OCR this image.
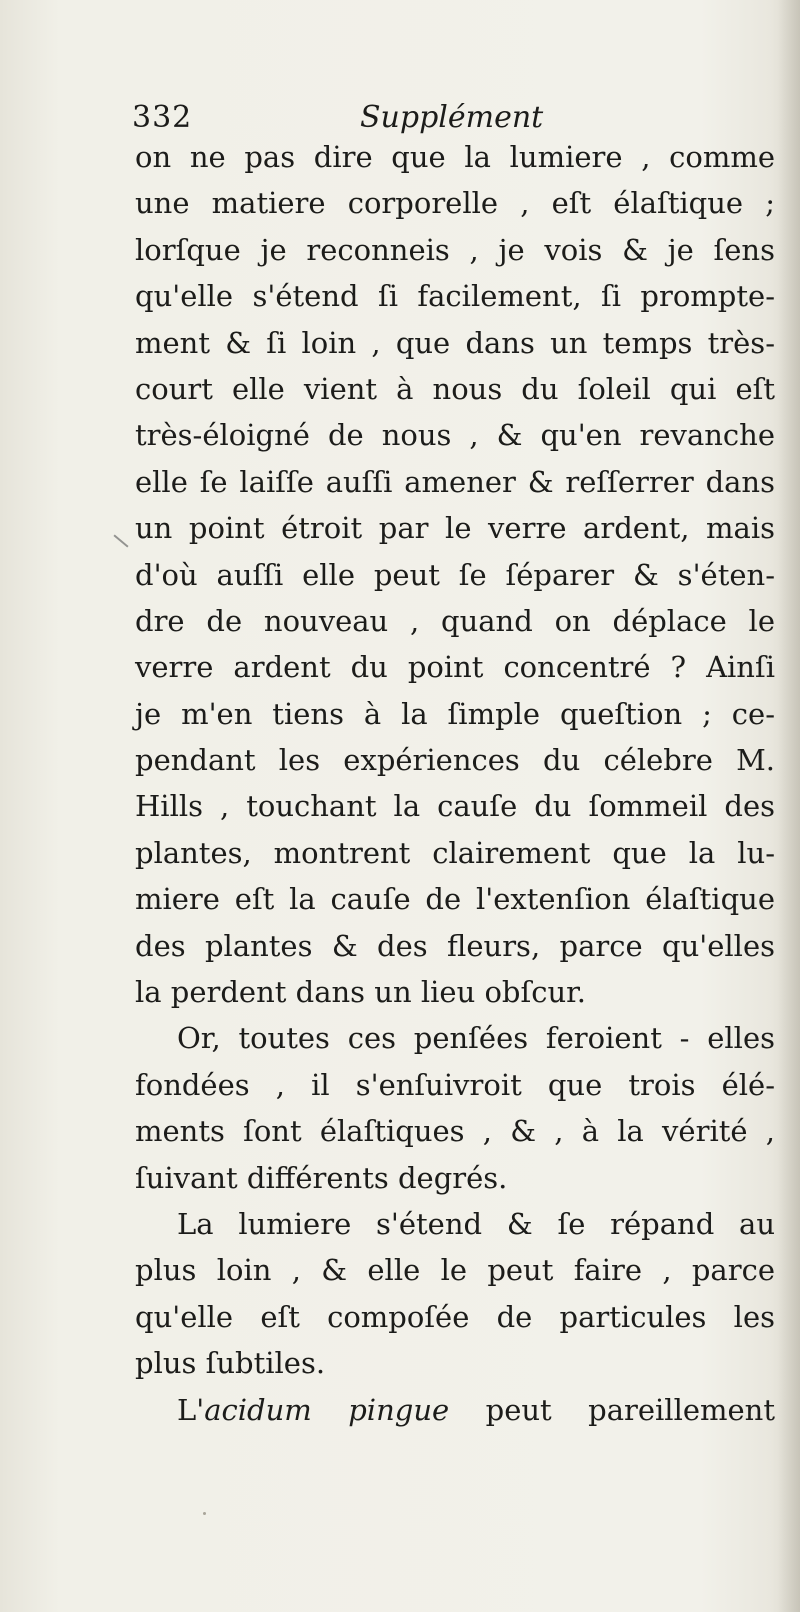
332	Supplément
on ne pas dire que la lumiere , comme
une matiere corporelle , eſt élaſtique ;
lorſque je reconneis , je vois & je ſens
qu'elle s'étend ſi facilement, ſi prompte-
ment & ſi loin , que dans un temps très-
court elle vient à nous du ſoleil qui eſt
très-éloigné de nous , & qu'en revanche
elle ſe laiſſe auſſi amener & reſſerrer dans
un point étroit par le verre ardent, mais
d'où auſſi elle peut ſe ſéparer & s'éten-
dre de nouveau , quand on déplace le
verre ardent du point concentré ? Ainſi
je m'en tiens à la ſimple queſtion ; ce-
pendant les expériences du célebre M.
Hills , touchant la cauſe du ſommeil des
plantes, montrent clairement que la lu-
miere eſt la cauſe de l'extenſion élaſtique
des plantes & des fleurs, parce qu'elles
la perdent dans un lieu obſcur.
Or, toutes ces penſées feroient - elles
fondées , il s'enſuivroit que trois élé-
ments ſont élaſtiques , & , à la vérité ,
ſuivant différents degrés.
La lumiere s'étend & ſe répand au
plus loin , & elle le peut faire , parce
qu'elle eſt compoſée de particules les
plus ſubtiles.
L'acidum pingue peut pareillement
